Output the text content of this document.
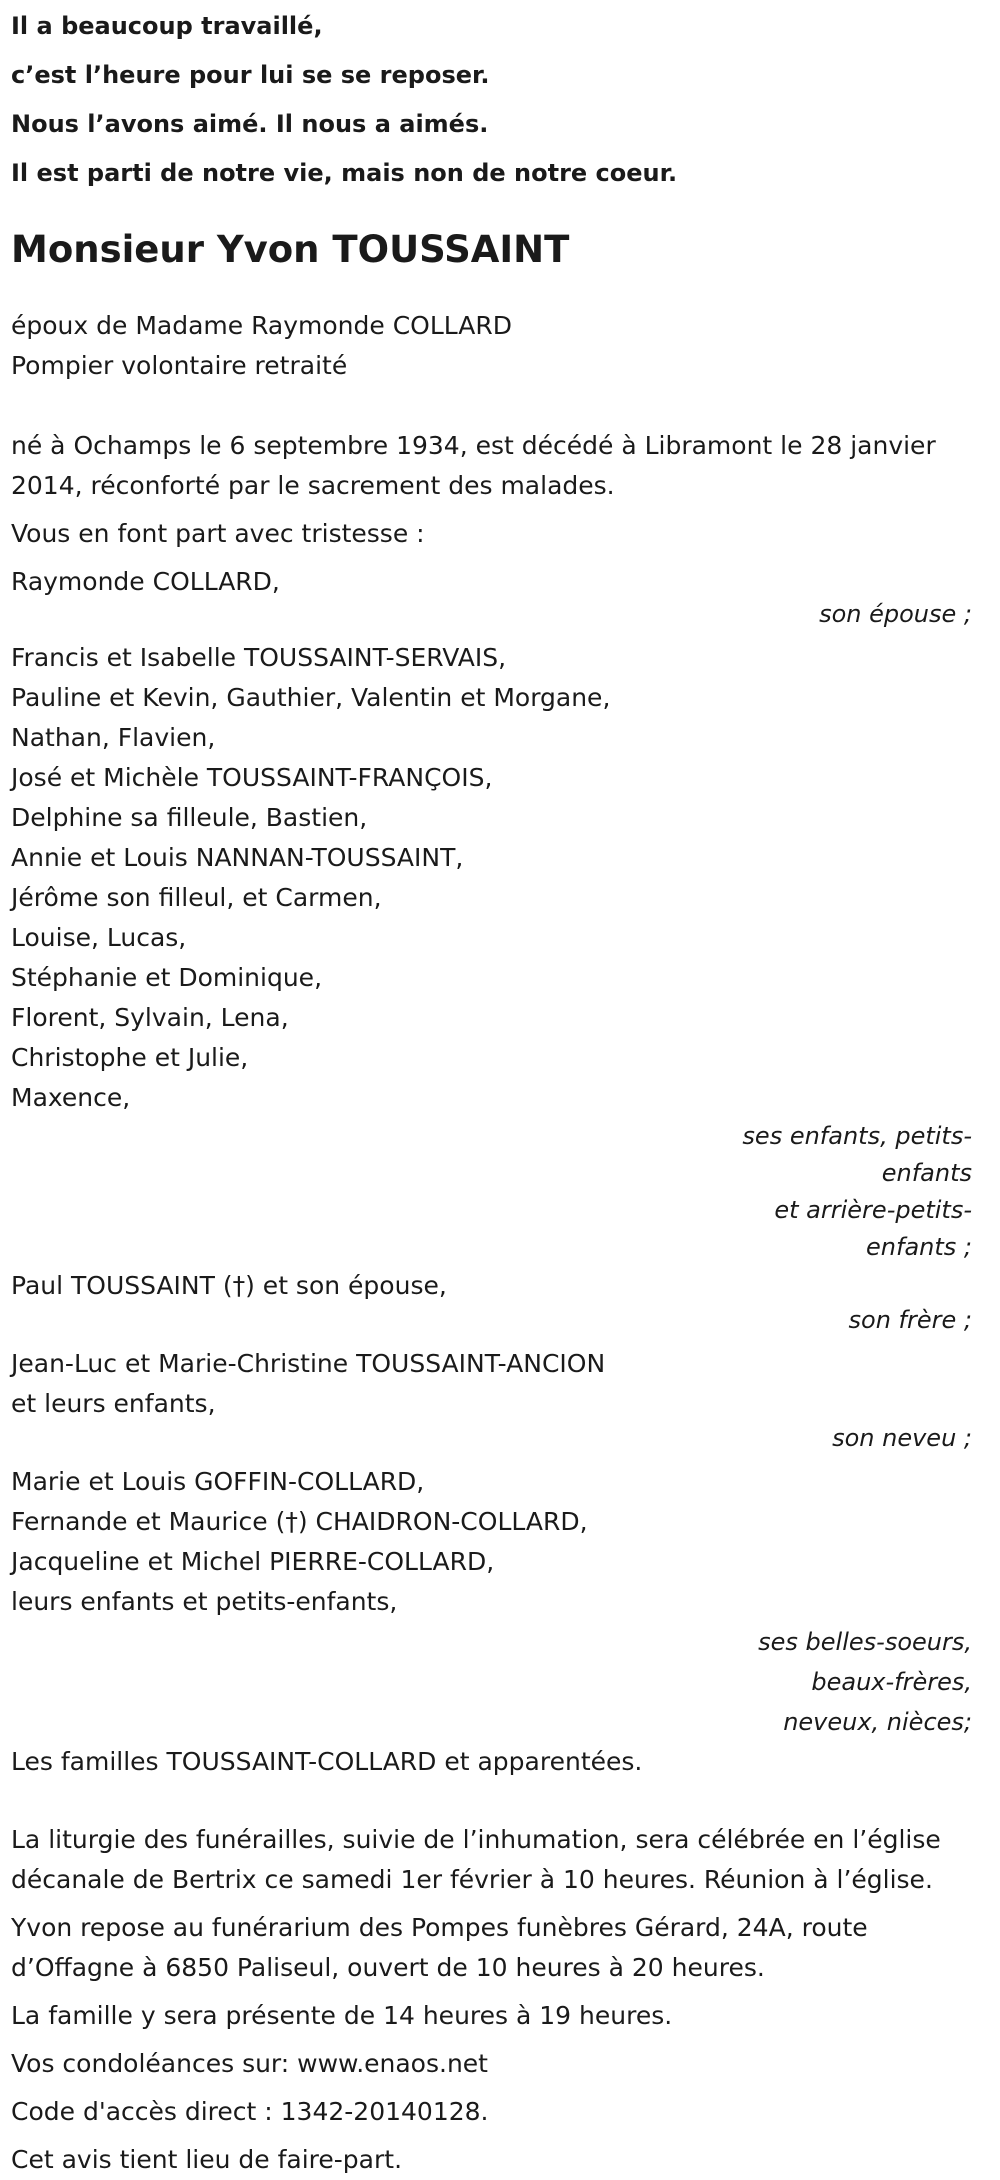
Il a beaucoup travaillé,

c’est l’heure pour lui se se reposer.

Nous l’avons aimé. Il nous a aimés.

Il est parti de notre vie, mais non de notre coeur.

Monsieur Yvon TOUSSAINT

époux de Madame Raymonde COLLARD

Pompier volontaire retraité

né à Ochamps le 6 septembre 1934, est décédé à Libramont le 28 janvier 2014, réconforté par le sacrement des malades.

Vous en font part avec tristesse :

Raymonde COLLARD,

son épouse ;

Francis et Isabelle TOUSSAINT-SERVAIS,

Pauline et Kevin, Gauthier, Valentin et Morgane,

Nathan, Flavien,

José et Michèle TOUSSAINT-FRANÇOIS,

Delphine sa filleule, Bastien,

Annie et Louis NANNAN-TOUSSAINT,

Jérôme son filleul, et Carmen,

Louise, Lucas,

Stéphanie et Dominique,

Florent, Sylvain, Lena,

Christophe et Julie,

Maxence,

ses enfants, petits-enfants

et arrière-petits-enfants ;

Paul TOUSSAINT (†) et son épouse,

son frère ;

Jean-Luc et Marie-Christine TOUSSAINT-ANCION

et leurs enfants,

son neveu ;

Marie et Louis GOFFIN-COLLARD,

Fernande et Maurice (†) CHAIDRON-COLLARD,

Jacqueline et Michel PIERRE-COLLARD,

leurs enfants et petits-enfants,

ses belles-soeurs,

beaux-frères,

neveux, nièces;

Les familles TOUSSAINT-COLLARD et apparentées.

La liturgie des funérailles, suivie de l’inhumation, sera célébrée en l’église décanale de Bertrix ce samedi 1er février à 10 heures. Réunion à l’église.

Yvon repose au funérarium des Pompes funèbres Gérard, 24A, route d’Offagne à 6850 Paliseul, ouvert de 10 heures à 20 heures.

La famille y sera présente de 14 heures à 19 heures.

Vos condoléances sur: www.enaos.net

Code d'accès direct : 1342-20140128.

Cet avis tient lieu de faire-part.
